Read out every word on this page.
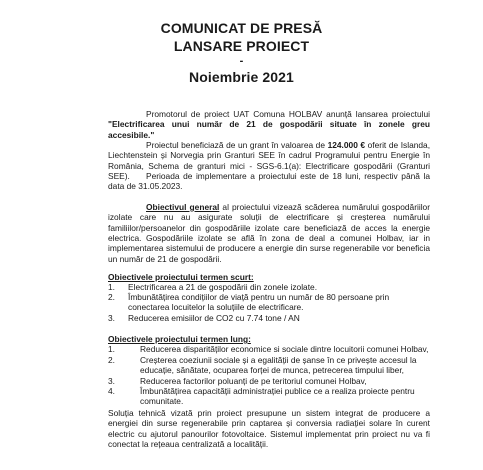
COMUNICAT DE PRESĂ
LANSARE PROIECT
-
Noiembrie 2021
Promotorul de proiect UAT Comuna HOLBAV anunță lansarea proiectului "Electrificarea unui număr de 21 de gospodării situate în zonele greu accesibile."
Proiectul beneficiază de un grant în valoarea de 124.000 € oferit de Islanda, Liechtenstein și Norvegia prin Granturi SEE în cadrul Programului pentru Energie în România, Schema de granturi mici - SGS-6.1(a): Electrificare gospodării (Granturi SEE).	Perioada de implementare a proiectului este de 18 luni, respectiv până la data de 31.05.2023.
Obiectivul general al proiectului vizează scăderea numărului gospodăriilor izolate care nu au asigurate soluții de electrificare și creșterea numărului familiilor/persoanelor din gospodăriile izolate care beneficiază de acces la energie electrica. Gospodăriile izolate se află în zona de deal a comunei Holbav, iar in implementarea sistemului de producere a energie din surse regenerabile vor beneficia un număr de 21 de gospodării.
Obiectivele proiectului termen scurt:
1. Electrificarea a 21 de gospodării din zonele izolate.
2. Îmbunătățirea condițiilor de viață pentru un număr de 80 persoane prin conectarea locuitelor la soluțiile de electrificare.
3. Reducerea emisiilor de CO2 cu 7.74 tone / AN
Obiectivele proiectului termen lung:
1.	Reducerea disparităților economice si sociale dintre locuitorii comunei Holbav,
2.	Creșterea coeziunii sociale și a egalității de șanse în ce privește accesul la educație, sănătate, ocuparea forței de munca, petrecerea timpului liber,
3.	Reducerea factorilor poluanți de pe teritoriul comunei Holbav,
4.	Îmbunătățirea capacității administrației publice ce a realiza proiecte pentru comunitate.
Soluția tehnică vizată prin proiect presupune un sistem integrat de producere a energiei din surse regenerabile prin captarea și conversia radiației solare în curent electric cu ajutorul panourilor fotovoltaice. Sistemul implementat prin proiect nu va fi conectat la rețeaua centralizată a localității.
